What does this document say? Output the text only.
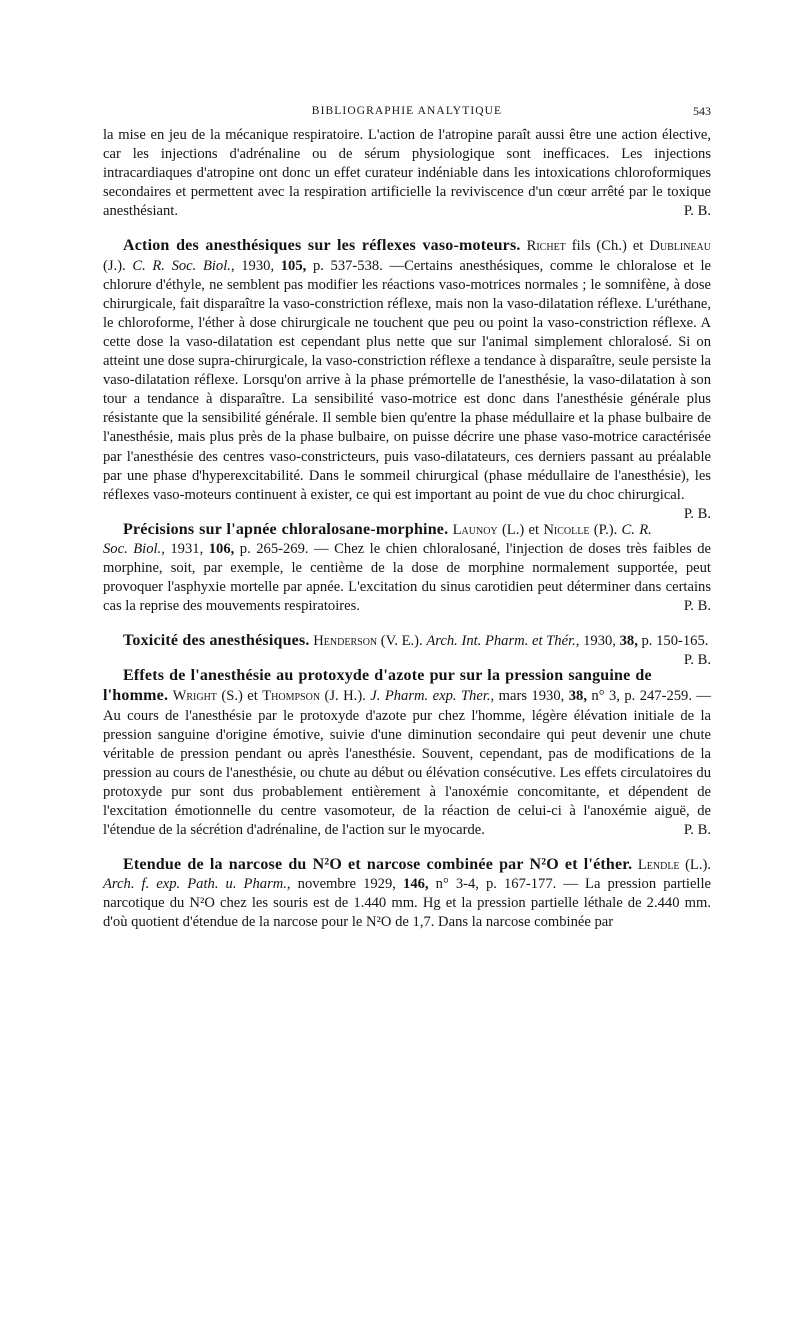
BIBLIOGRAPHIE ANALYTIQUE	543

la mise en jeu de la mécanique respiratoire. L'action de l'atropine paraît aussi être une action élective, car les injections d'adrénaline ou de sérum physiologique sont inefficaces. Les injections intracardiaques d'atropine ont donc un effet curateur indéniable dans les intoxications chloroformiques secondaires et permettent avec la respiration artificielle la reviviscence d'un cœur arrêté par le toxique anesthésiant.	P. B.

Action des anesthésiques sur les réflexes vaso-moteurs. Richet fils (Ch.) et Dublineau (J.). C. R. Soc. Biol., 1930, 105, p. 537-538. —Certains anesthésiques, comme le chloralose et le chlorure d'éthyle, ne semblent pas modifier les réactions vaso-motrices normales ; le somnifène, à dose chirurgicale, fait disparaître la vaso-constriction réflexe, mais non la vaso-dilatation réflexe. L'uréthane, le chloroforme, l'éther à dose chirurgicale ne touchent que peu ou point la vaso-constriction réflexe. A cette dose la vaso-dilatation est cependant plus nette que sur l'animal simplement chloralosé. Si on atteint une dose supra-chirurgicale, la vaso-constriction réflexe a tendance à disparaître, seule persiste la vaso-dilatation réflexe. Lorsqu'on arrive à la phase prémortelle de l'anesthésie, la vaso-dilatation à son tour a tendance à disparaître. La sensibilité vaso-motrice est donc dans l'anesthésie générale plus résistante que la sensibilité générale. Il semble bien qu'entre la phase médullaire et la phase bulbaire de l'anesthésie, mais plus près de la phase bulbaire, on puisse décrire une phase vaso-motrice caractérisée par l'anesthésie des centres vaso-constricteurs, puis vaso-dilatateurs, ces derniers passant au préalable par une phase d'hyperexcitabilité. Dans le sommeil chirurgical (phase médullaire de l'anesthésie), les réflexes vaso-moteurs continuent à exister, ce qui est important au point de vue du choc chirurgical.
P. B.

Précisions sur l'apnée chloralosane-morphine. Launoy (L.) et Nicolle (P.). C. R. Soc. Biol., 1931, 106, p. 265-269. — Chez le chien chloralosané, l'injection de doses très faibles de morphine, soit, par exemple, le centième de la dose de morphine normalement supportée, peut provoquer l'asphyxie mortelle par apnée. L'excitation du sinus carotidien peut déterminer dans certains cas la reprise des mouvements respiratoires.	P. B.

Toxicité des anesthésiques. Henderson (V. E.). Arch. Int. Pharm. et Thér., 1930, 38, p. 150-165.
P. B.

Effets de l'anesthésie au protoxyde d'azote pur sur la pression sanguine de l'homme. Wright (S.) et Thompson (J. H.). J. Pharm. exp. Ther., mars 1930, 38, n° 3, p. 247-259. — Au cours de l'anesthésie par le protoxyde d'azote pur chez l'homme, légère élévation initiale de la pression sanguine d'origine émotive, suivie d'une diminution secondaire qui peut devenir une chute véritable de pression pendant ou après l'anesthésie. Souvent, cependant, pas de modifications de la pression au cours de l'anesthésie, ou chute au début ou élévation consécutive. Les effets circulatoires du protoxyde pur sont dus probablement entièrement à l'anoxémie concomitante, et dépendent de l'excitation émotionnelle du centre vasomoteur, de la réaction de celui-ci à l'anoxémie aiguë, de l'étendue de la sécrétion d'adrénaline, de l'action sur le myocarde.	P. B.

Etendue de la narcose du N²O et narcose combinée par N²O et l'éther. Lendle (L.). Arch. f. exp. Path. u. Pharm., novembre 1929, 146, n° 3-4, p. 167-177. — La pression partielle narcotique du N²O chez les souris est de 1.440 mm. Hg et la pression partielle léthale de 2.440 mm. d'où quotient d'étendue de la narcose pour le N²O de 1,7. Dans la narcose combinée par
